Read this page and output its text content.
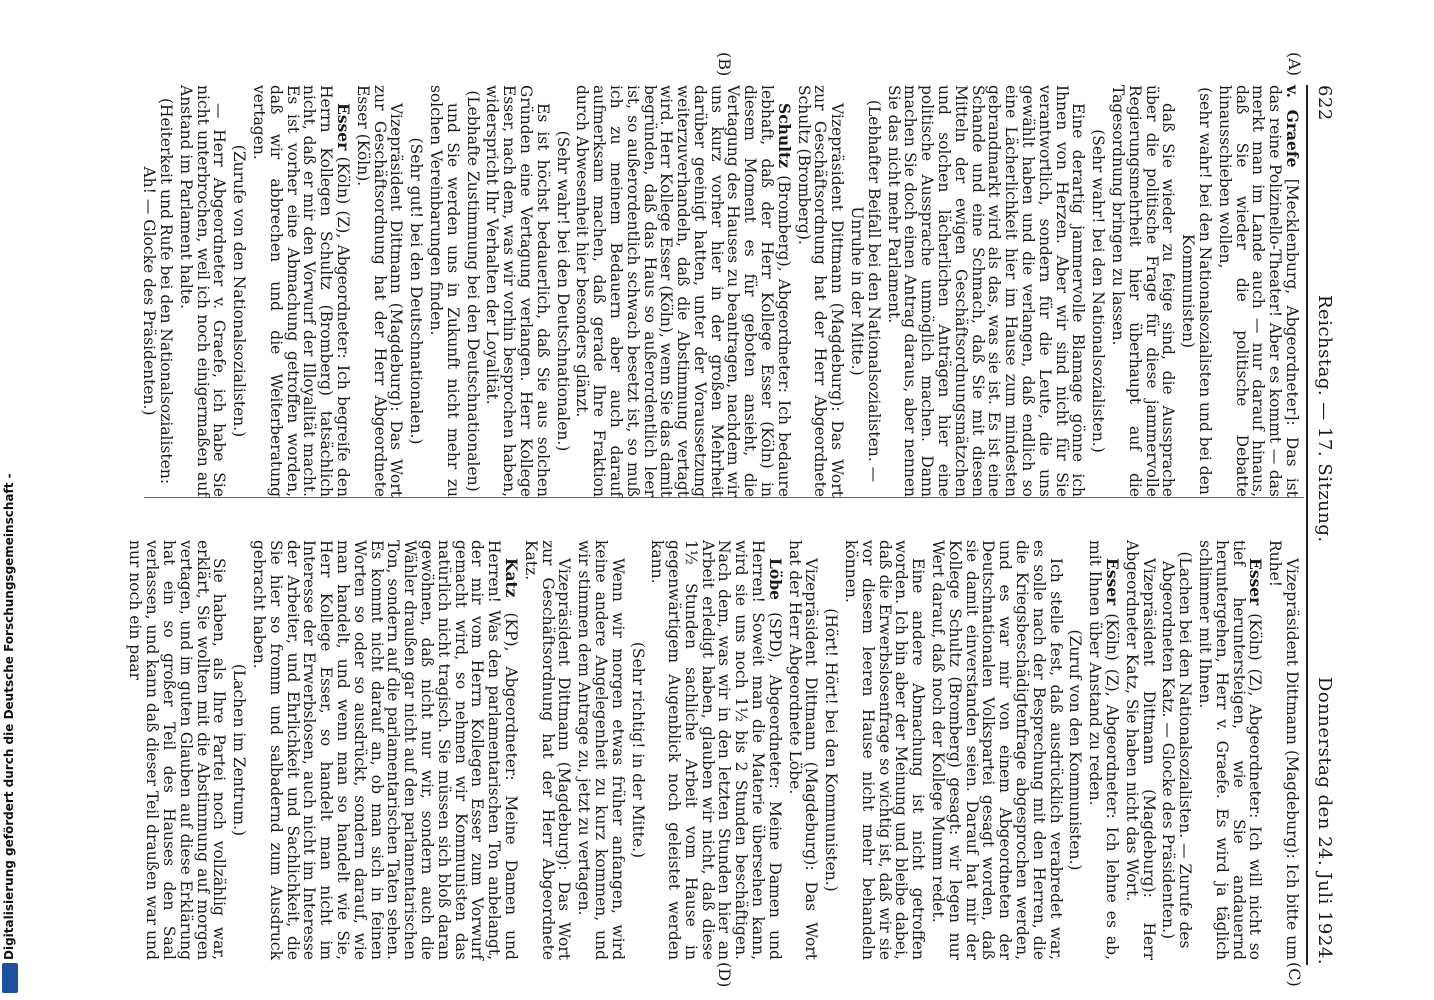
622
Reichstag. — 17. Sitzung.
Donnerstag den 24. Juli 1924.
(A)
(B)
(C)
(D)

v. Graefe [Mecklenburg, Abgeordneter]: Das ist das reine Polizinello-Theater! Aber es kommt — das merkt man im Lande auch — nur darauf hinaus, daß Sie wieder die politische Debatte hinausschieben wollen,

(sehr wahr! bei den Nationalsozialisten und bei den Kommunisten)

daß Sie wieder zu feige sind, die Aussprache über die politische Frage für diese jammervolle Regierungsmehrheit hier überhaupt auf die Tagesordnung bringen zu lassen.

(Sehr wahr! bei den Nationalsozialisten.)

Eine derartig jammervolle Blamage gönne ich Ihnen von Herzen. Aber wir sind nicht für Sie verantwortlich, sondern für die Leute, die uns gewählt haben und die verlangen, daß endlich so eine Lächerlichkeit hier im Hause zum mindesten gebrandmarkt wird als das, was sie ist. Es ist eine Schande und eine Schmach, daß Sie mit diesen Mitteln der ewigen Geschäftsordnungsmätzchen und solchen lächerlichen Anträgen hier eine politische Aussprache unmöglich machen. Dann machen Sie doch einen Antrag daraus, aber nennen Sie das nicht mehr Parlament.

(Lebhafter Beifall bei den Nationalsozialisten. — Unruhe in der Mitte.)

Vizepräsident Dittmann (Magdeburg): Das Wort zur Geschäftsordnung hat der Herr Abgeordnete Schultz (Bromberg).

Schultz (Bromberg), Abgeordneter: Ich bedaure lebhaft, daß der Herr Kollege Esser (Köln) in diesem Moment es für geboten ansieht, die Vertagung des Hauses zu beantragen, nachdem wir uns kurz vorher hier in der großen Mehrheit darüber geeinigt hatten, unter der Voraussetzung weiterzuverhandeln, daß die Abstimmung vertagt wird. Herr Kollege Esser (Köln), wenn Sie das damit begründen, daß das Haus so außerordentlich leer ist, so außerordentlich schwach besetzt ist, so muß ich zu meinem Bedauern aber auch darauf aufmerksam machen, daß gerade Ihre Fraktion durch Abwesenheit hier besonders glänzt.

(Sehr wahr! bei den Deutschnationalen.)

Es ist höchst bedauerlich, daß Sie aus solchen Gründen eine Vertagung verlangen. Herr Kollege Esser, nach dem, was wir vorhin besprochen haben, widerspricht Ihr Verhalten der Loyalität.

(Lebhafte Zustimmung bei den Deutschnationalen)

und Sie werden uns in Zukunft nicht mehr zu solchen Vereinbarungen finden.

(Sehr gut! bei den Deutschnationalen.)

Vizepräsident Dittmann (Magdeburg): Das Wort zur Geschäftsordnung hat der Herr Abgeordnete Esser (Köln).

Esser (Köln) (Z), Abgeordneter: Ich begreife den Herrn Kollegen Schultz (Bromberg) tatsächlich nicht, daß er mir den Vorwurf der Illoyalität macht. Es ist vorher eine Abmachung getroffen worden, daß wir abbrechen und die Weiterberatung vertagen.

(Zurufe von den Nationalsozialisten.)

— Herr Abgeordneter v. Graefe, ich habe Sie nicht unterbrochen, weil ich noch einigermaßen auf Anstand im Parlament halte.

(Heiterkeit und Rufe bei den Nationalsozialisten: Ah! — Glocke des Präsidenten.)

Vizepräsident Dittmann (Magdeburg): Ich bitte um Ruhe!

Esser (Köln) (Z), Abgeordneter: Ich will nicht so tief heruntersteigen, wie Sie andauernd heruntergehen, Herr v. Graefe. Es wird ja täglich schlimmer mit Ihnen.

(Lachen bei den Nationalsozialisten. — Zurufe des Abgeordneten Katz. — Glocke des Präsidenten.)

Vizepräsident Dittmann (Magdeburg): Herr Abgeordneter Katz, Sie haben nicht das Wort.

Esser (Köln) (Z), Abgeordneter: Ich lehne es ab, mit Ihnen über Anstand zu reden.

(Zuruf von den Kommunisten.)

Ich stelle fest, daß ausdrücklich verabredet war, es solle nach der Besprechung mit den Herren, die die Kriegsbeschädigtenfrage abgesprochen werden, und es war mir von einem Abgeordneten der Deutschnationalen Volkspartei gesagt worden, daß sie damit einverstanden seien. Darauf hat mir der Kollege Schultz (Bromberg) gesagt: wir legen nur Wert darauf, daß noch der Kollege Mumm redet.

Eine andere Abmachung ist nicht getroffen worden. Ich bin aber der Meinung und bleibe dabei, daß die Erwerbslosenfrage so wichtig ist, daß wir sie vor diesem leeren Hause nicht mehr behandeln können.

(Hört! Hört! bei den Kommunisten.)

Vizepräsident Dittmann (Magdeburg): Das Wort hat der Herr Abgeordnete Löbe.

Löbe (SPD), Abgeordneter: Meine Damen und Herren! Soweit man die Materie übersehen kann, wird sie uns noch 1½ bis 2 Stunden beschäftigen. Nach dem, was wir in den letzten Stunden hier an Arbeit erledigt haben, glauben wir nicht, daß diese 1½ Stunden sachliche Arbeit vom Hause in gegenwärtigem Augenblick noch geleistet werden kann.

(Sehr richtig! in der Mitte.)

Wenn wir morgen etwas früher anfangen, wird keine andere Angelegenheit zu kurz kommen, und wir stimmen dem Antrage zu, jetzt zu vertagen.

Vizepräsident Dittmann (Magdeburg): Das Wort zur Geschäftsordnung hat der Herr Abgeordnete Katz.

Katz (KP), Abgeordneter: Meine Damen und Herren! Was den parlamentarischen Ton anbelangt, der mir vom Herrn Kollegen Esser zum Vorwurf gemacht wird, so nehmen wir Kommunisten das natürlich nicht tragisch. Sie müssen sich bloß daran gewöhnen, daß nicht nur wir, sondern auch die Wähler draußen gar nicht auf den parlamentarischen Ton, sondern auf die parlamentarischen Taten sehen. Es kommt nicht darauf an, ob man sich in feinen Worten so oder so ausdrückt, sondern darauf, wie man handelt, und wenn man so handelt wie Sie, Herr Kollege Esser, so handelt man nicht im Interesse der Erwerbslosen, auch nicht im Interesse der Arbeiter, und Ehrlichkeit und Sachlichkeit, die Sie hier so fromm und salbadernd zum Ausdruck gebracht haben.

(Lachen im Zentrum.)

Sie haben, als Ihre Partei noch vollzählig war, erklärt, Sie wollten mit die Abstimmung auf morgen vertagen, und im guten Glauben auf diese Erklärung hat ein so großer Teil des Hauses den Saal verlassen, und kann daß dieser Teil draußen war und nur noch ein paar

Digitalisierung gefördert durch die Deutsche Forschungsgemeinschaft -
